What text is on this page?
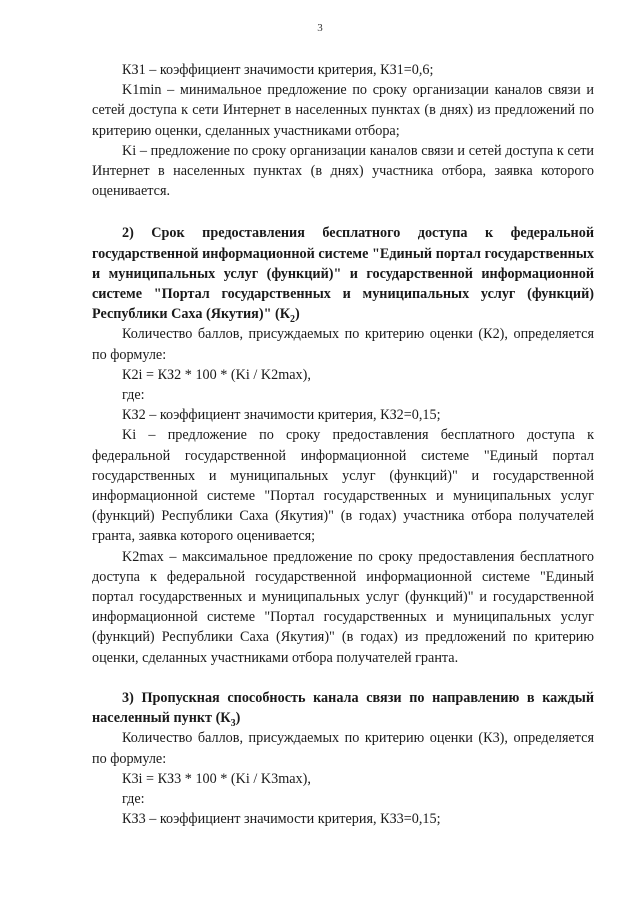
3

КЗ1 – коэффициент значимости критерия, КЗ1=0,6;

K1min – минимальное предложение по сроку организации каналов связи и сетей доступа к сети Интернет в населенных пунктах (в днях) из предложений по критерию оценки, сделанных участниками отбора;

Ki – предложение по сроку организации каналов связи и сетей доступа к сети Интернет в населенных пунктах (в днях) участника отбора, заявка которого оценивается.

2) Срок предоставления бесплатного доступа к федеральной государственной информационной системе "Единый портал государственных и муниципальных услуг (функций)" и государственной информационной системе "Портал государственных и муниципальных услуг (функций) Республики Саха (Якутия)" $(К_2)$

Количество баллов, присуждаемых по критерию оценки (К2), определяется по формуле:

К2i = КЗ2 * 100 * (Ki / K2max),

где:

КЗ2 – коэффициент значимости критерия, КЗ2=0,15;

Ki – предложение по сроку предоставления бесплатного доступа к федеральной государственной информационной системе "Единый портал государственных и муниципальных услуг (функций)" и государственной информационной системе "Портал государственных и муниципальных услуг (функций) Республики Саха (Якутия)" (в годах) участника отбора получателей гранта, заявка которого оценивается;

K2max – максимальное предложение по сроку предоставления бесплатного доступа к федеральной государственной информационной системе "Единый портал государственных и муниципальных услуг (функций)" и государственной информационной системе "Портал государственных и муниципальных услуг (функций) Республики Саха (Якутия)" (в годах) из предложений по критерию оценки, сделанных участниками отбора получателей гранта.

3) Пропускная способность канала связи по направлению в каждый населенный пункт $(К_3)$

Количество баллов, присуждаемых по критерию оценки (К3), определяется по формуле:

К3i = КЗ3 * 100 * (Ki / K3max),

где:

КЗ3 – коэффициент значимости критерия, КЗ3=0,15;
